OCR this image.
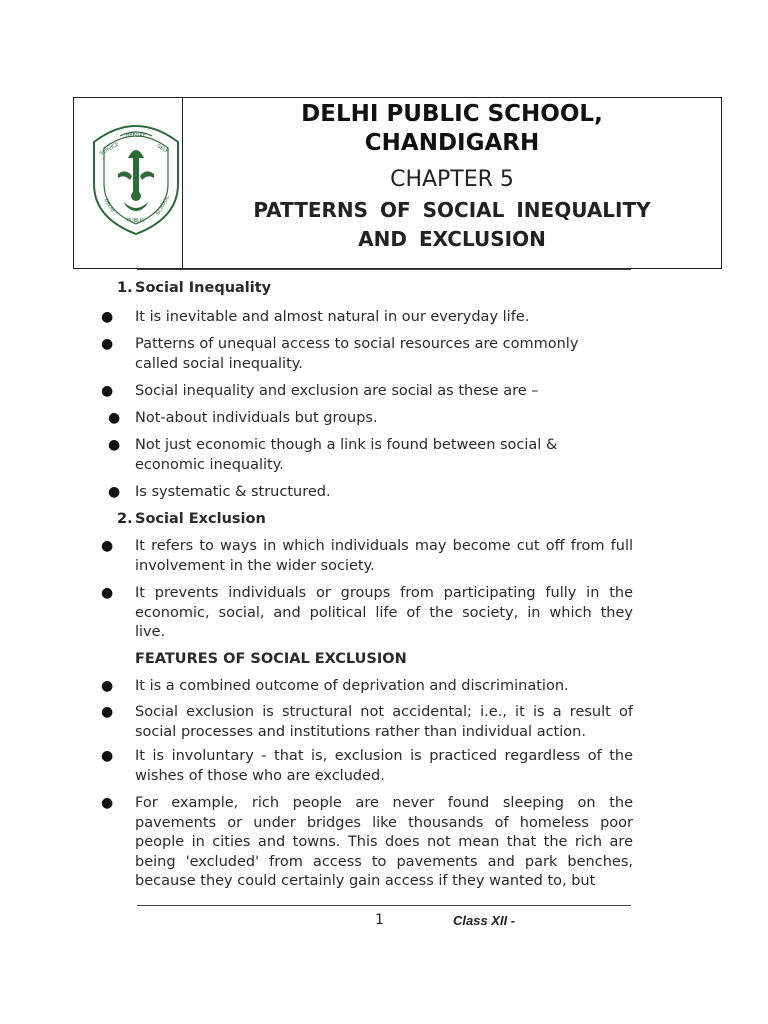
BEFORE
SERVICE	SELF
DELHI
PUBLIC
SCHOOL
DELHI PUBLIC SCHOOL,
CHANDIGARH
CHAPTER 5
PATTERNS OF SOCIAL INEQUALITY
AND EXCLUSION
1. Social Inequality
● It is inevitable and almost natural in our everyday life.
● Patterns of unequal access to social resources are commonly
called social inequality.
● Social inequality and exclusion are social as these are –
● Not-about individuals but groups.
● Not just economic though a link is found between social &
economic inequality.
● Is systematic & structured.
2. Social Exclusion
● It refers to ways in which individuals may become cut off from full
involvement in the wider society.
● It prevents individuals or groups from participating fully in the
economic, social, and political life of the society, in which they
live.
FEATURES OF SOCIAL EXCLUSION
● It is a combined outcome of deprivation and discrimination.
● Social exclusion is structural not accidental; i.e., it is a result of
social processes and institutions rather than individual action.
● It is involuntary - that is, exclusion is practiced regardless of the
wishes of those who are excluded.
● For example, rich people are never found sleeping on the
pavements or under bridges like thousands of homeless poor
people in cities and towns. This does not mean that the rich are
being 'excluded' from access to pavements and park benches,
because they could certainly gain access if they wanted to, but
1	Class XII -
